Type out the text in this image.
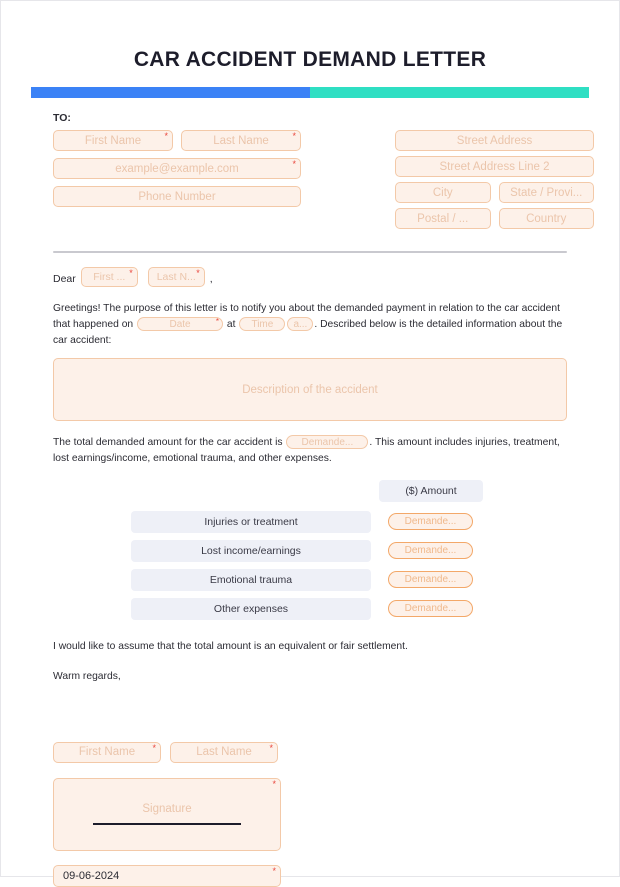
CAR ACCIDENT DEMAND LETTER
TO:
First Name	*	Last Name	*
example@example.com	*
Phone Number
Street Address
Street Address Line 2
City	State / Provi...
Postal / ...	Country
Dear First ... * Last N... * ,
Greetings! The purpose of this letter is to notify you about the demanded payment in relation to the car accident that happened on	Date	* at Time a... . Described below is the detailed information about the car accident:
Description of the accident
The total demanded amount for the car accident is Demande... . This amount includes injuries, treatment, lost earnings/income, emotional trauma, and other expenses.
($) Amount
Injuries or treatment	Demande...
Lost income/earnings	Demande...
Emotional trauma	Demande...
Other expenses	Demande...
I would like to assume that the total amount is an equivalent or fair settlement.
Warm regards,
First Name *	Last Name *
Signature
*
09-06-2024	*
